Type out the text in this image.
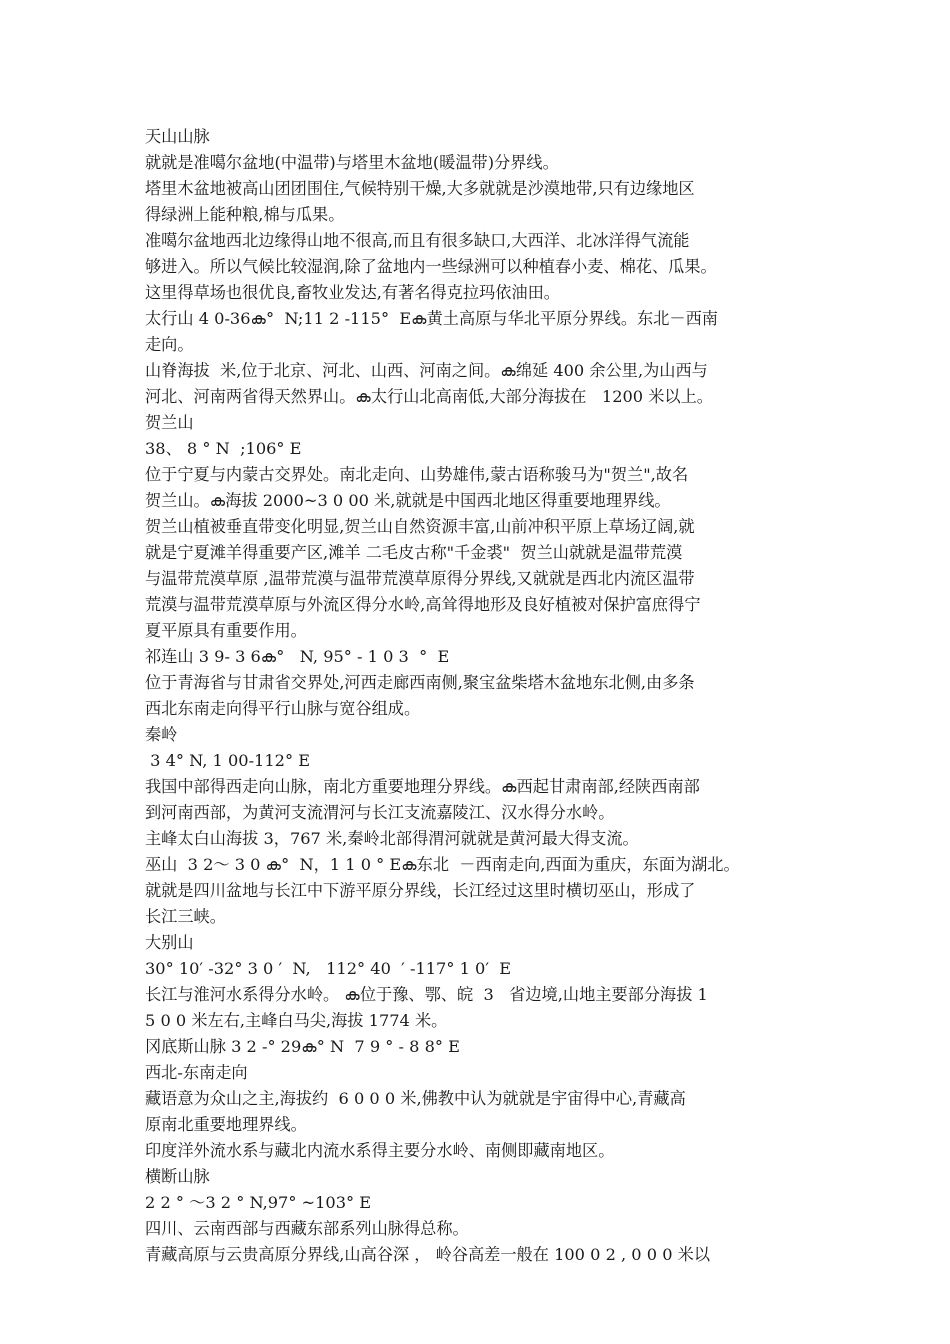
天山山脉
就就是准噶尔盆地(中温带)与塔里木盆地(暖温带)分界线。
塔里木盆地被高山团团围住,气候特别干燥,大多就就是沙漠地带,只有边缘地区
得绿洲上能种粮,棉与瓜果。
准噶尔盆地西北边缘得山地不很高,而且有很多缺口,大西洋、北冰洋得气流能
够进入。所以气候比较湿润,除了盆地内一些绿洲可以种植春小麦、棉花、瓜果。
这里得草场也很优良,畜牧业发达,有著名得克拉玛依油田。
太行山 4 0-36ക°  N;11 2 -115°  Eക黄土高原与华北平原分界线。东北－西南
走向。
山脊海拔  米,位于北京、河北、山西、河南之间。ക绵延 400 余公里,为山西与
河北、河南两省得天然界山。ക太行山北高南低,大部分海拔在   1200 米以上。
贺兰山
38、 8 ° N  ;106° E
位于宁夏与内蒙古交界处。南北走向、山势雄伟,蒙古语称骏马为"贺兰",故名
贺兰山。ക海拔 2000~3 0 00 米,就就是中国西北地区得重要地理界线。
贺兰山植被垂直带变化明显,贺兰山自然资源丰富,山前冲积平原上草场辽阔,就
就是宁夏滩羊得重要产区,滩羊 二毛皮古称"千金裘"  贺兰山就就是温带荒漠
与温带荒漠草原 ,温带荒漠与温带荒漠草原得分界线,又就就是西北内流区温带
荒漠与温带荒漠草原与外流区得分水岭,高耸得地形及良好植被对保护富庶得宁
夏平原具有重要作用。
祁连山 3 9- 3 6ക°   N, 95° - 1 0 3  °  E
位于青海省与甘肃省交界处,河西走廊西南侧,聚宝盆柴塔木盆地东北侧,由多条
西北东南走向得平行山脉与宽谷组成。
秦岭
3 4° N, 1 00-112° E
我国中部得西走向山脉，南北方重要地理分界线。ക西起甘肃南部,经陕西南部
到河南西部，为黄河支流渭河与长江支流嘉陵江、汉水得分水岭。
主峰太白山海拔 3，767 米,秦岭北部得渭河就就是黄河最大得支流。
巫山  3 2～ 3 0 ക°  N，1 1 0 ° Eക东北  －西南走向,西面为重庆，东面为湖北。
就就是四川盆地与长江中下游平原分界线，长江经过这里时横切巫山，形成了
长江三峡。
大别山
30° 10′ -32° 3 0 ′  N,   112° 40  ′ -117° 1 0′  E
长江与淮河水系得分水岭。 ക位于豫、鄂、皖  3   省边境,山地主要部分海拔 1
5 0 0 米左右,主峰白马尖,海拔 1774 米。
冈底斯山脉 3 2 -° 29ക° N  7 9 ° - 8 8° E
西北-东南走向
藏语意为众山之主,海拔约  6 0 0 0 米,佛教中认为就就是宇宙得中心,青藏高
原南北重要地理界线。
印度洋外流水系与藏北内流水系得主要分水岭、南侧即藏南地区。
横断山脉
2 2 ° ～3 2 ° N,97° ~103° E
四川、云南西部与西藏东部系列山脉得总称。
青藏高原与云贵高原分界线,山高谷深 ， 岭谷高差一般在 100 0 2 , 0 0 0 米以
